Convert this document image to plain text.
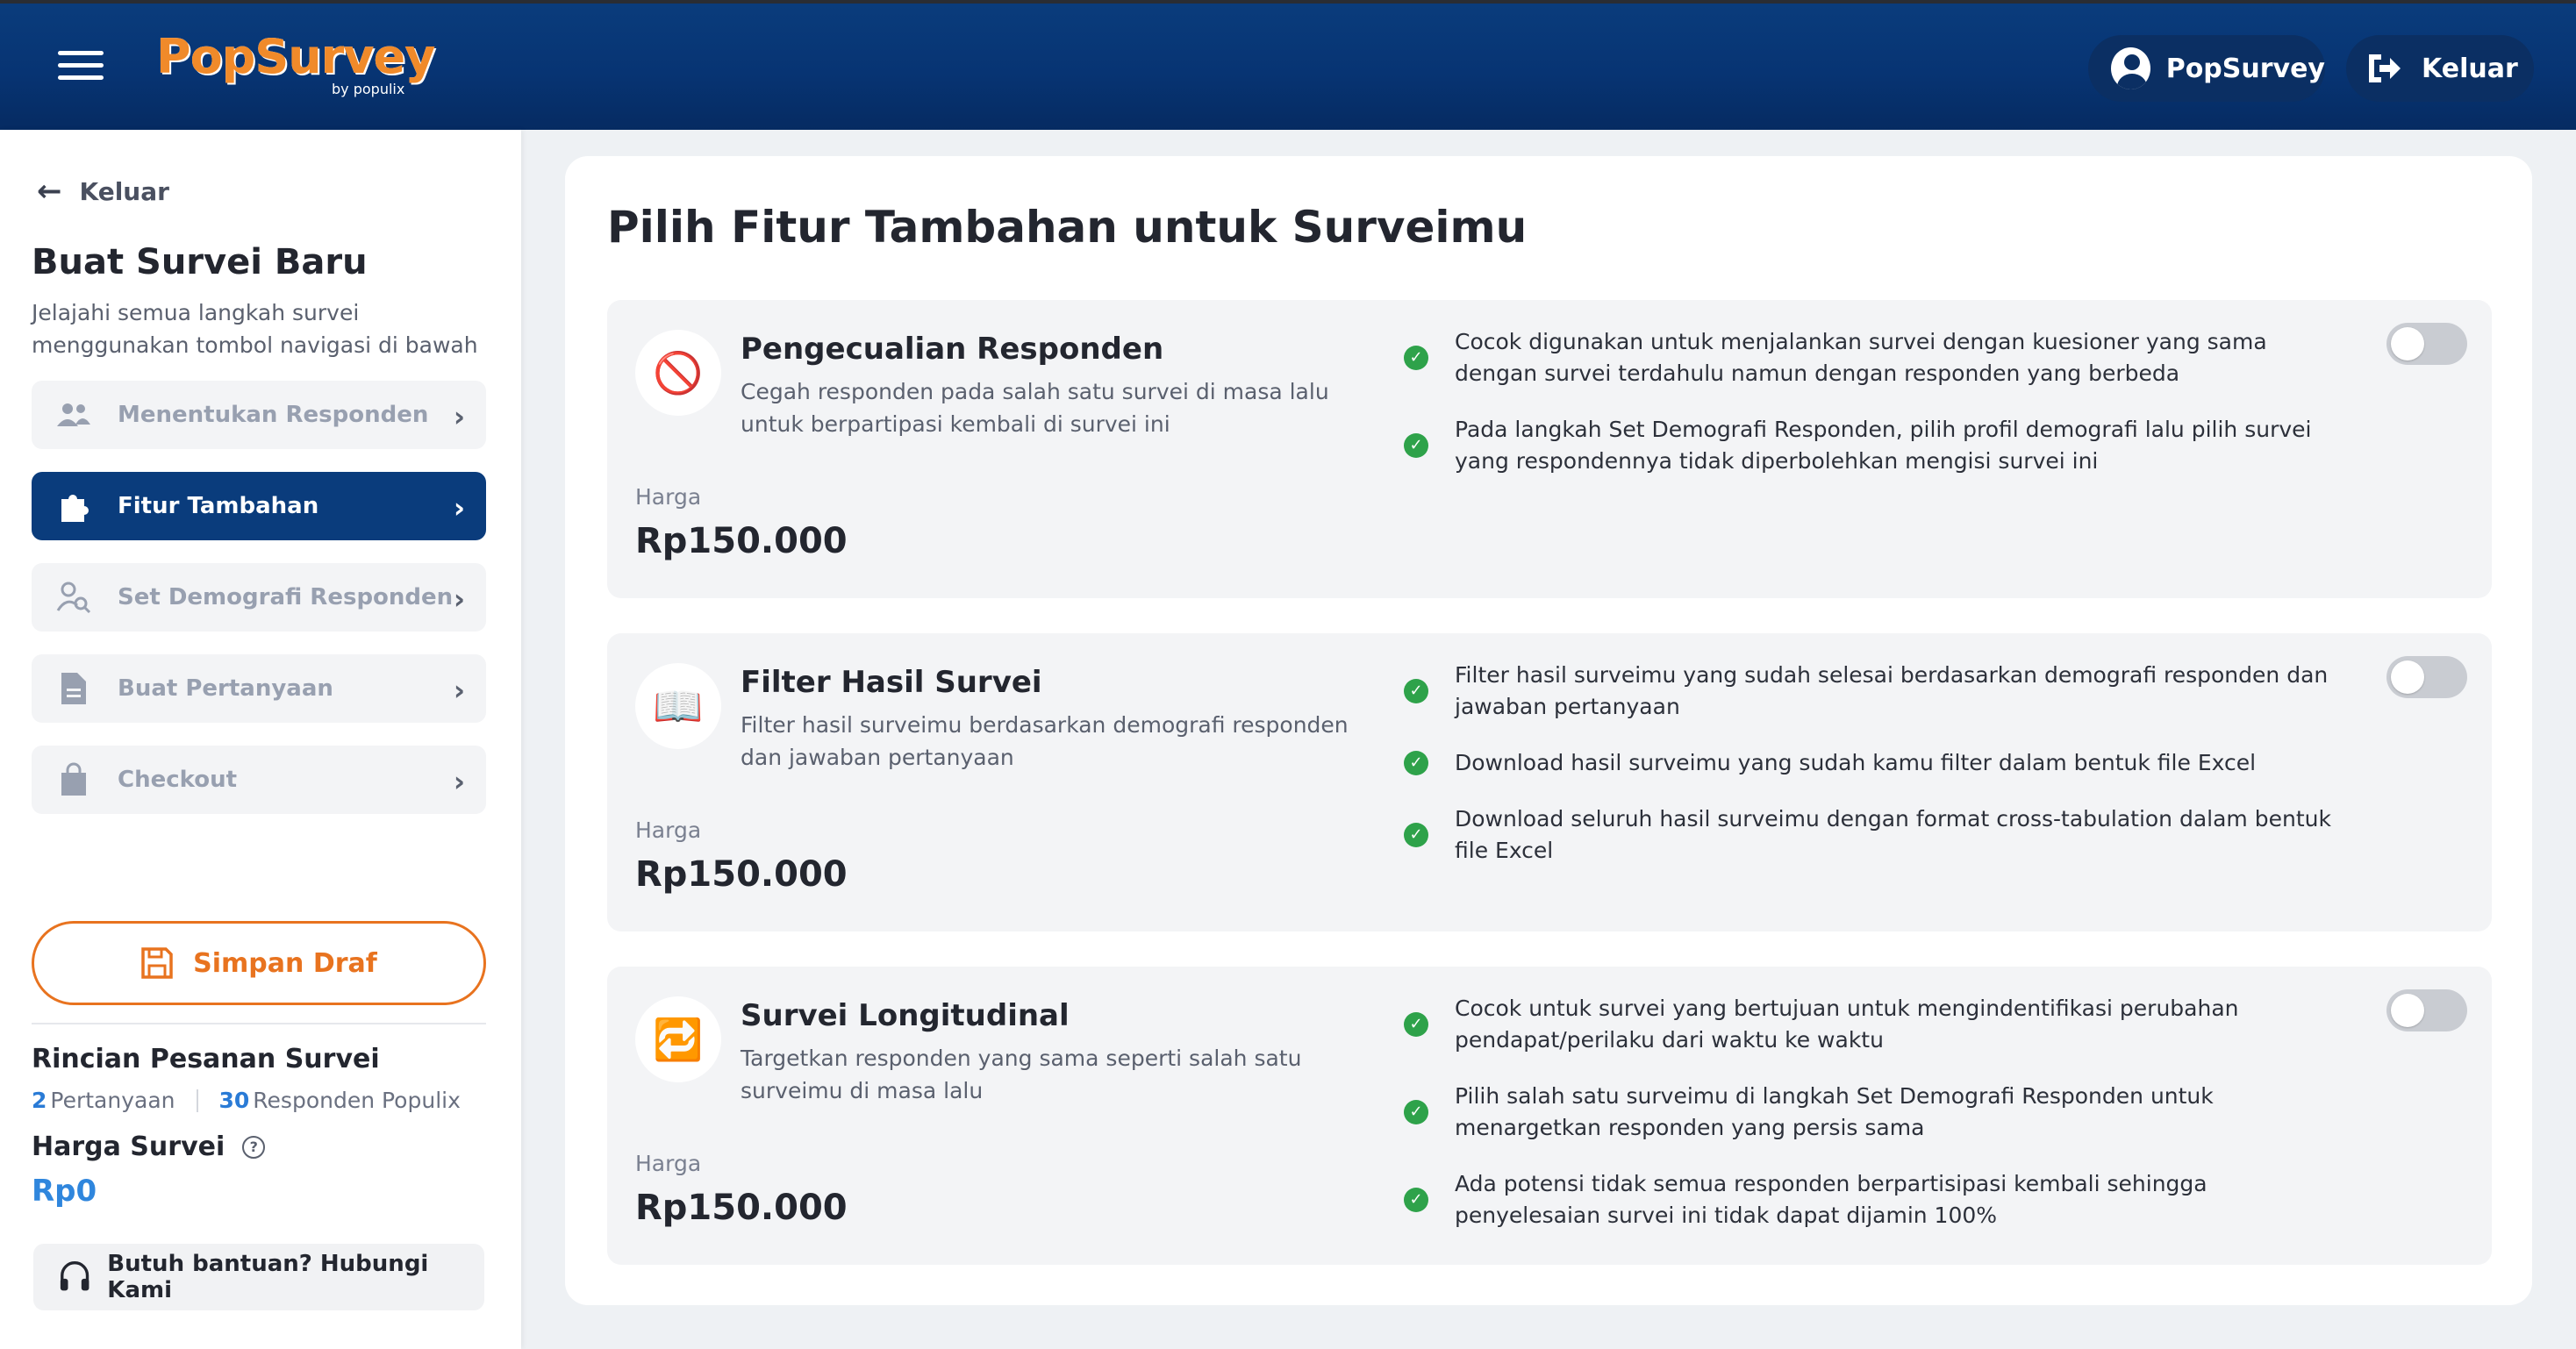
PopSurvey
by populix
PopSurvey	Keluar
← Keluar
Buat Survei Baru
Jelajahi semua langkah survei menggunakan tombol navigasi di bawah
Menentukan Responden ›
Fitur Tambahan	›
Set Demografi Responden ›
Buat Pertanyaan	›
Checkout	›
Simpan Draf
Rincian Pesanan Survei
2 Pertanyaan 30 Responden Populix
Harga Survei	?
Rp0
Butuh bantuan? Hubungi Kami
Pilih Fitur Tambahan untuk Surveimu
🚫	Pengecualian Responden
Cegah responden pada salah satu survei di masa lalu untuk berpartipasi kembali di survei ini
Harga
Rp150.000
✓
Cocok digunakan untuk menjalankan survei dengan kuesioner yang sama dengan survei terdahulu namun dengan responden yang berbeda
✓
Pada langkah Set Demografi Responden, pilih profil demografi lalu pilih survei yang respondennya tidak diperbolehkan mengisi survei ini
📖	Filter Hasil Survei
Filter hasil surveimu berdasarkan demografi responden dan jawaban pertanyaan
Harga
Rp150.000
✓
Filter hasil surveimu yang sudah selesai berdasarkan demografi responden dan jawaban pertanyaan
✓ Download hasil surveimu yang sudah kamu filter dalam bentuk file Excel
✓
Download seluruh hasil surveimu dengan format cross-tabulation dalam bentuk file Excel
🔁	Survei Longitudinal
Targetkan responden yang sama seperti salah satu surveimu di masa lalu
Harga
Rp150.000
✓
Cocok untuk survei yang bertujuan untuk mengindentifikasi perubahan pendapat/perilaku dari waktu ke waktu
✓
Pilih salah satu surveimu di langkah Set Demografi Responden untuk menargetkan responden yang persis sama
✓
Ada potensi tidak semua responden berpartisipasi kembali sehingga penyelesaian survei ini tidak dapat dijamin 100%
